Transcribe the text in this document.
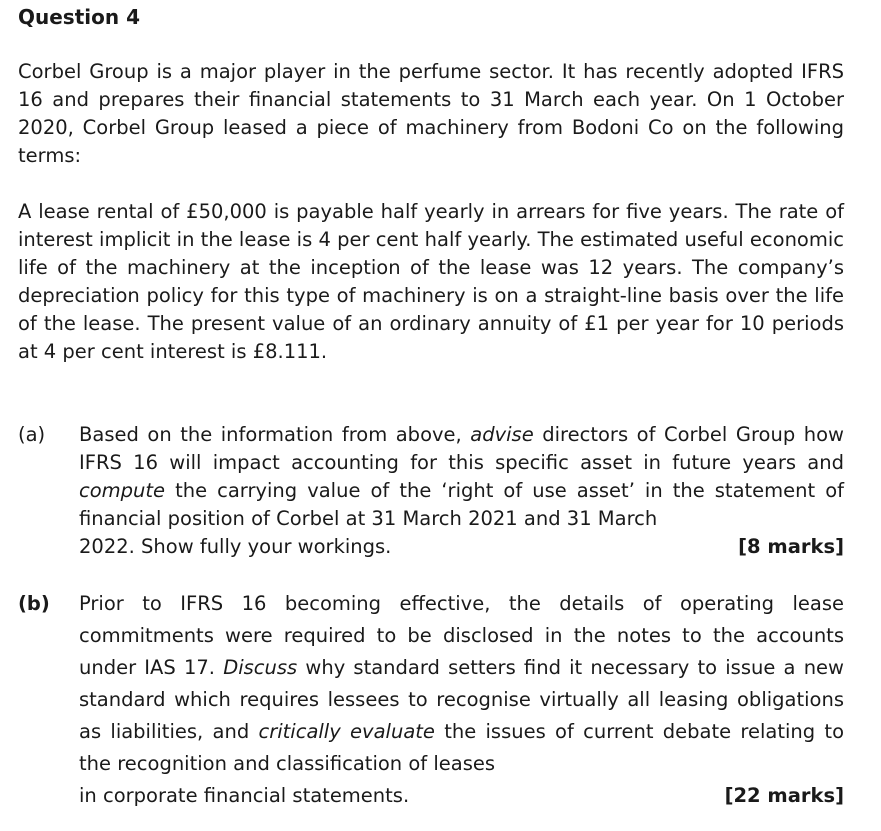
Question 4

Corbel Group is a major player in the perfume sector. It has recently adopted IFRS 16 and prepares their financial statements to 31 March each year. On 1 October 2020, Corbel Group leased a piece of machinery from Bodoni Co on the following terms:

A lease rental of £50,000 is payable half yearly in arrears for five years. The rate of interest implicit in the lease is 4 per cent half yearly. The estimated useful economic life of the machinery at the inception of the lease was 12 years. The company’s depreciation policy for this type of machinery is on a straight-line basis over the life of the lease. The present value of an ordinary annuity of £1 per year for 10 periods at 4 per cent interest is £8.111.

(a) Based on the information from above, advise directors of Corbel Group how IFRS 16 will impact accounting for this specific asset in future years and compute the carrying value of the ‘right of use asset’ in the statement of financial position of Corbel at 31 March 2021 and 31 March
2022. Show fully your workings.	[8 marks]
(b) Prior to IFRS 16 becoming effective, the details of operating lease commitments were required to be disclosed in the notes to the accounts under IAS 17. Discuss why standard setters find it necessary to issue a new standard which requires lessees to recognise virtually all leasing obligations as liabilities, and critically evaluate the issues of current debate relating to the recognition and classification of leases
in corporate financial statements.	[22 marks]
